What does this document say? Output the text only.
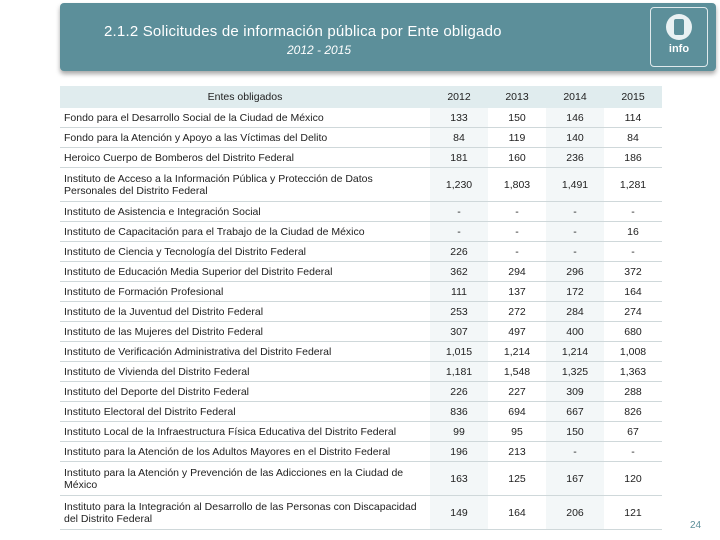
2.1.2 Solicitudes de información pública por Ente obligado
2012 - 2015	info
Entes obligados	2012	2013	2014	2015
Fondo para el Desarrollo Social de la Ciudad de México	133	150	146	114
Fondo para la Atención y Apoyo a las Víctimas del Delito	84	119	140	84
Heroico Cuerpo de Bomberos del Distrito Federal	181	160	236	186
Instituto de Acceso a la Información Pública y Protección de Datos Personales del Distrito Federal	1,230	1,803	1,491	1,281
Instituto de Asistencia e Integración Social	-	-	-	-
Instituto de Capacitación para el Trabajo de la Ciudad de México	-	-	-	16
Instituto de Ciencia y Tecnología del Distrito Federal	226	-	-	-
Instituto de Educación Media Superior del Distrito Federal	362	294	296	372
Instituto de Formación Profesional	111	137	172	164
Instituto de la Juventud del Distrito Federal	253	272	284	274
Instituto de las Mujeres del Distrito Federal	307	497	400	680
Instituto de Verificación Administrativa del Distrito Federal	1,015	1,214	1,214	1,008
Instituto de Vivienda del Distrito Federal	1,181	1,548	1,325	1,363
Instituto del Deporte del Distrito Federal	226	227	309	288
Instituto Electoral del Distrito Federal	836	694	667	826
Instituto Local de la Infraestructura Física Educativa del Distrito Federal	99	95	150	67
Instituto para la Atención de los Adultos Mayores en el Distrito Federal	196	213	-	-
Instituto para la Atención y Prevención de las Adicciones en la Ciudad de México	163	125	167	120
Instituto para la Integración al Desarrollo de las Personas con Discapacidad del Distrito Federal	149	164	206	121
24
